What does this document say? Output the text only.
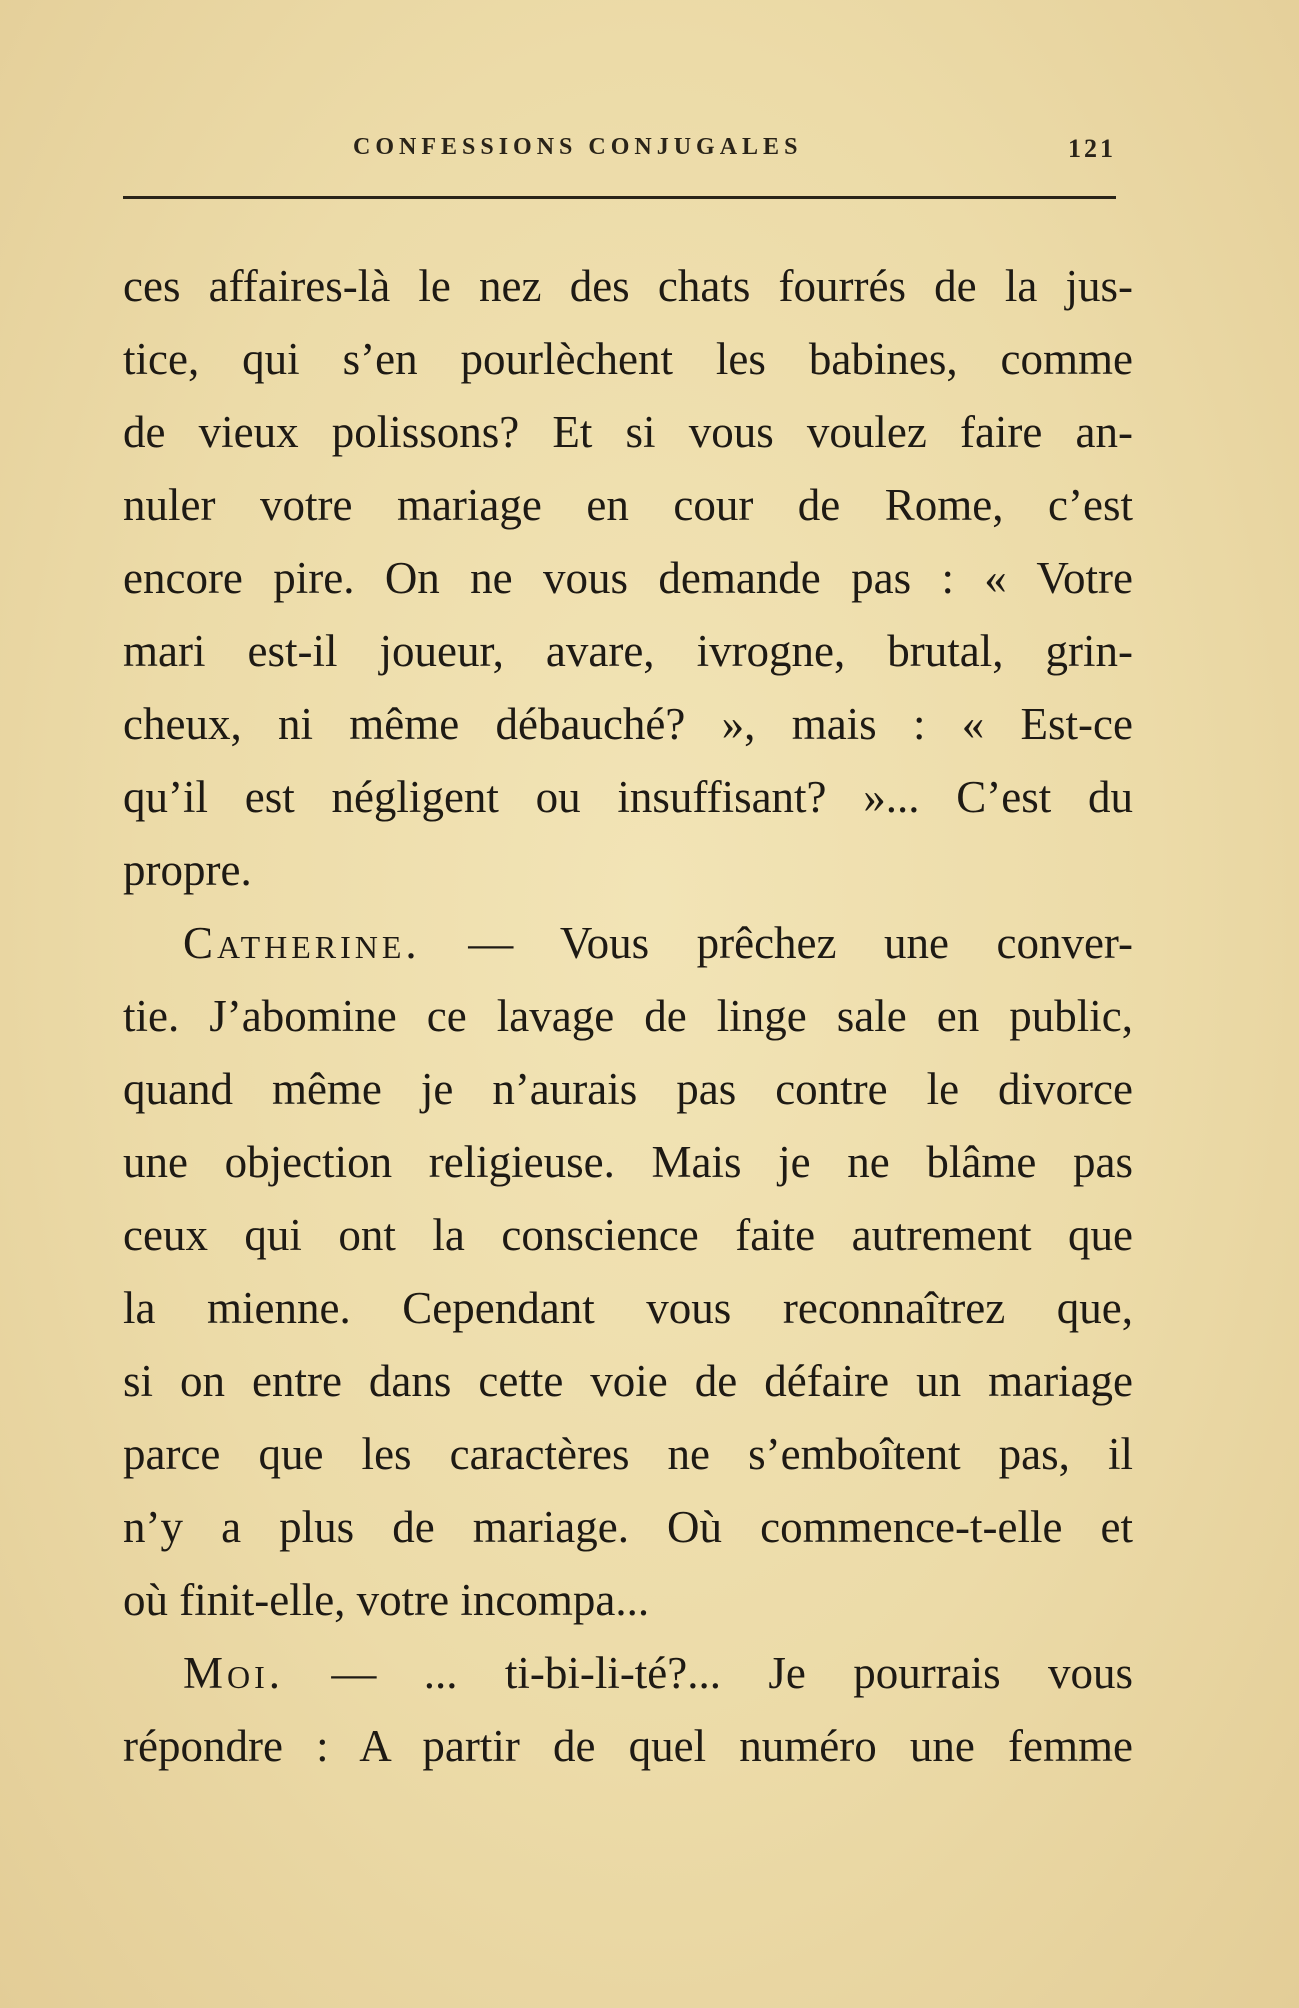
CONFESSIONS CONJUGALES	121
ces affaires-là le nez des chats fourrés de la jus-
tice, qui s’en pourlèchent les babines, comme
de vieux polissons? Et si vous voulez faire an-
nuler votre mariage en cour de Rome, c’est
encore pire. On ne vous demande pas : « Votre
mari est-il joueur, avare, ivrogne, brutal, grin-
cheux, ni même débauché? », mais : « Est-ce
qu’il est négligent ou insuffisant? »... C’est du
propre.
Catherine. — Vous prêchez une conver-
tie. J’abomine ce lavage de linge sale en public,
quand même je n’aurais pas contre le divorce
une objection religieuse. Mais je ne blâme pas
ceux qui ont la conscience faite autrement que
la mienne. Cependant vous reconnaîtrez que,
si on entre dans cette voie de défaire un mariage
parce que les caractères ne s’emboîtent pas, il
n’y a plus de mariage. Où commence-t-elle et
où finit-elle, votre incompa...
Moi. — ... ti-bi-li-té?... Je pourrais vous
répondre : A partir de quel numéro une femme
